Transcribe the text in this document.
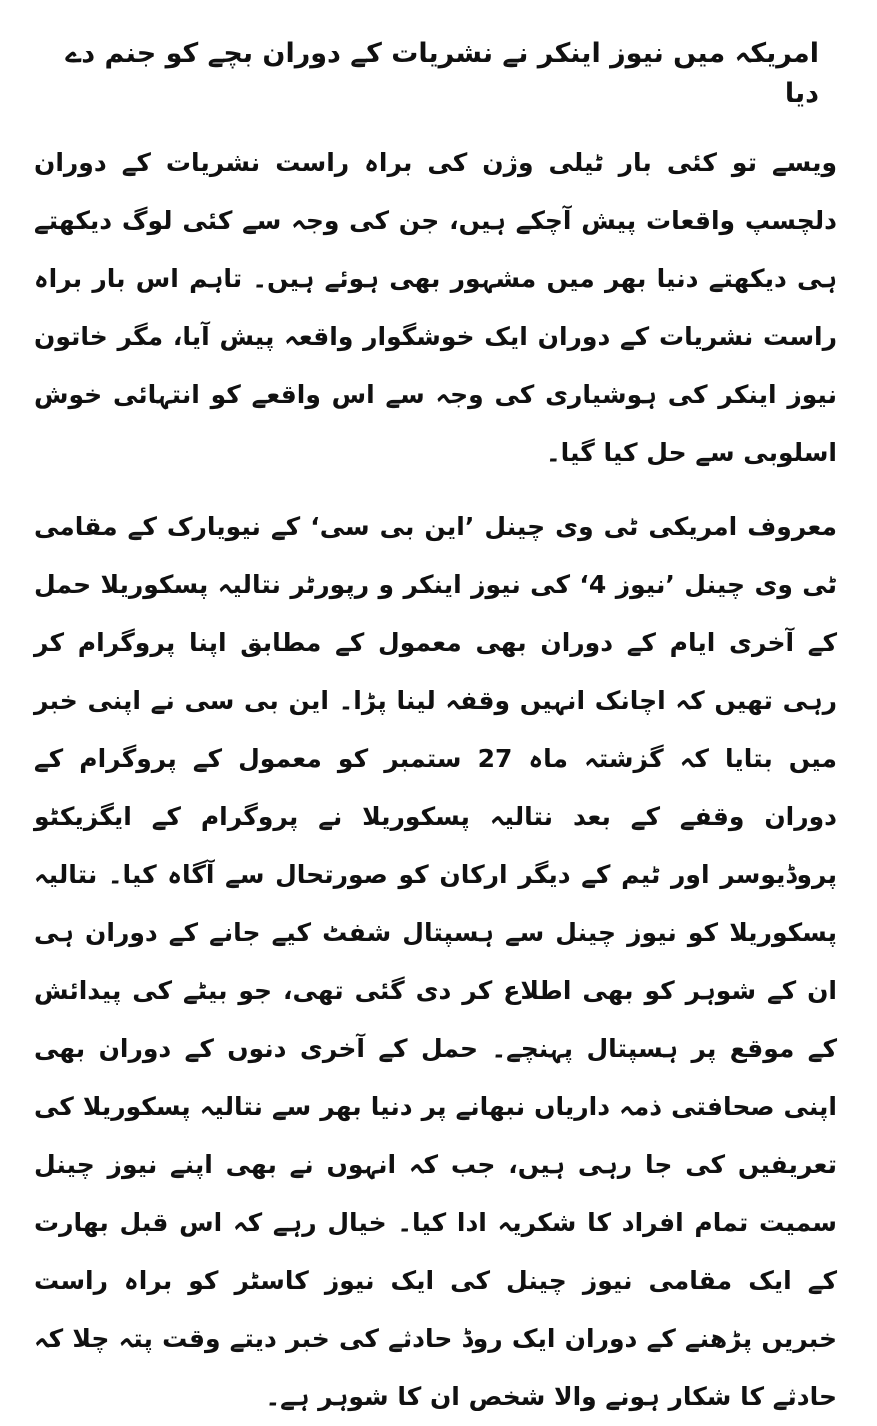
امریکہ میں نیوز اینکر نے نشریات کے دوران بچے کو جنم دے دیا

ویسے تو کئی بار ٹیلی وژن کی براہ راست نشریات کے دوران دلچسپ واقعات پیش آچکے ہیں، جن کی وجہ سے کئی لوگ دیکھتے ہی دیکھتے دنیا بھر میں مشہور بھی ہوئے ہیں۔ تاہم اس بار براہ راست نشریات کے دوران ایک خوشگوار واقعہ پیش آیا، مگر خاتون نیوز اینکر کی ہوشیاری کی وجہ سے اس واقعے کو انتہائی خوش اسلوبی سے حل کیا گیا۔

معروف امریکی ٹی وی چینل ’این بی سی‘ کے نیویارک کے مقامی ٹی وی چینل ’نیوز 4‘ کی نیوز اینکر و رپورٹر نتالیہ پسکوریلا حمل کے آخری ایام کے دوران بھی معمول کے مطابق اپنا پروگرام کر رہی تھیں کہ اچانک انہیں وقفہ لینا پڑا۔ این بی سی نے اپنی خبر میں بتایا کہ گزشتہ ماہ 27 ستمبر کو معمول کے پروگرام کے دوران وقفے کے بعد نتالیہ پسکوریلا نے پروگرام کے ایگزیکٹو پروڈیوسر اور ٹیم کے دیگر ارکان کو صورتحال سے آگاہ کیا۔ نتالیہ پسکوریلا کو نیوز چینل سے ہسپتال شفٹ کیے جانے کے دوران ہی ان کے شوہر کو بھی اطلاع کر دی گئی تھی، جو بیٹے کی پیدائش کے موقع پر ہسپتال پہنچے۔ حمل کے آخری دنوں کے دوران بھی اپنی صحافتی ذمہ داریاں نبھانے پر دنیا بھر سے نتالیہ پسکوریلا کی تعریفیں کی جا رہی ہیں، جب کہ انہوں نے بھی اپنے نیوز چینل سمیت تمام افراد کا شکریہ ادا کیا۔ خیال رہے کہ اس قبل بھارت کے ایک مقامی نیوز چینل کی ایک نیوز کاسٹر کو براہ راست خبریں پڑھنے کے دوران ایک روڈ حادثے کی خبر دیتے وقت پتہ چلا کہ حادثے کا شکار ہونے والا شخص ان کا شوہر ہے۔
